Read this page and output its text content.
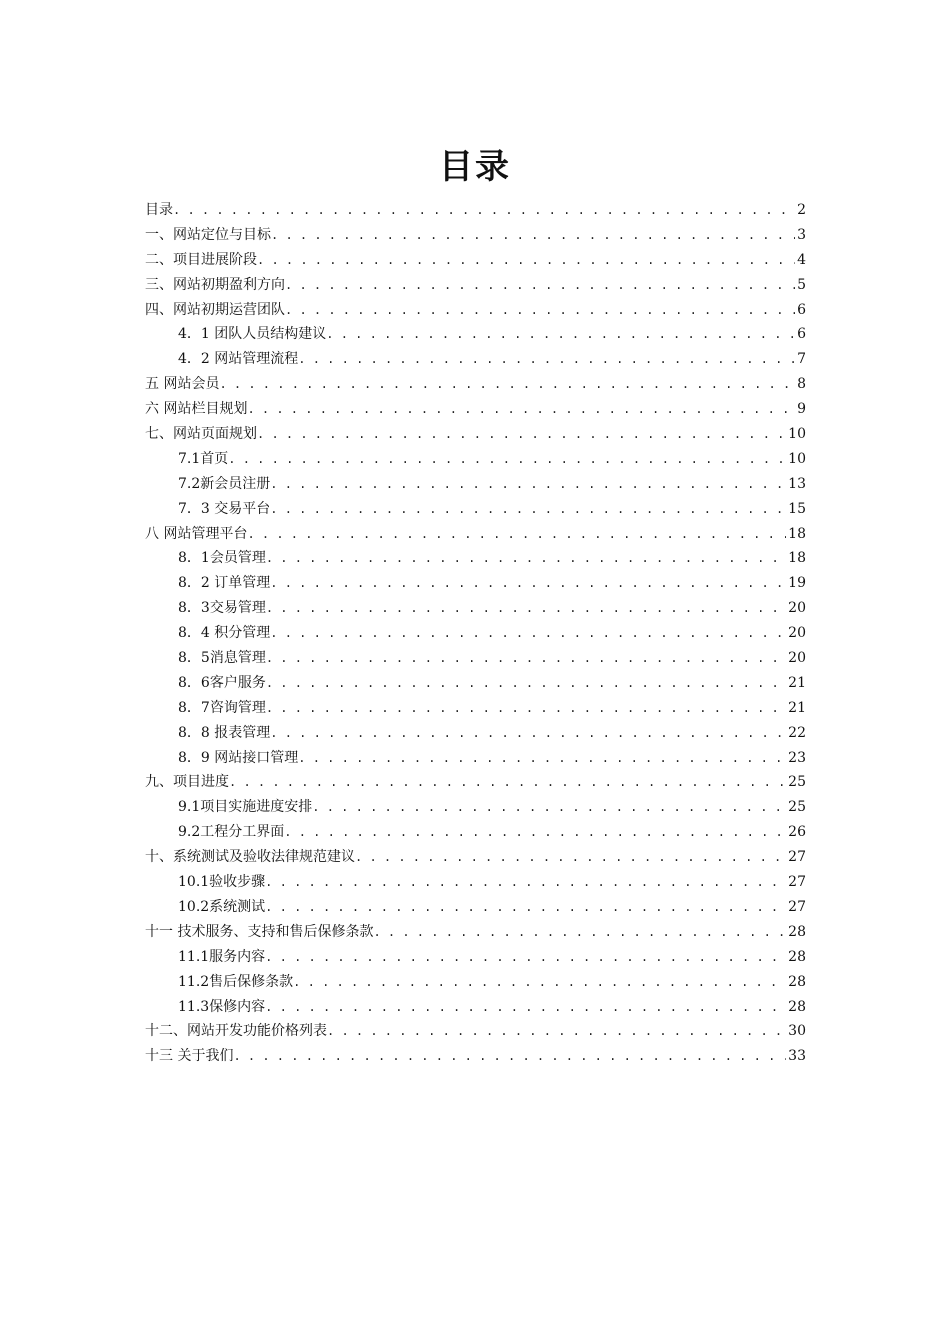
目录
目录 . . .	2
一、网站定位与目标 . . .	3
二、项目进展阶段 . . .	4
三、网站初期盈利方向 . . .	5
四、网站初期运营团队 . . .	6
4．1 团队人员结构建议 . . .	6
4．2 网站管理流程 . . .	7
五 网站会员 . . .	8
六 网站栏目规划 . . .	9
七、网站页面规划 . . .	10
7.1首页 . . .	10
7.2新会员注册 . . .	13
7．3 交易平台 . . .	15
八 网站管理平台 . . .	18
8．1会员管理 . . .	18
8．2 订单管理 . . .	19
8．3交易管理 . . .	20
8．4 积分管理 . . .	20
8．5消息管理 . . .	20
8．6客户服务 . . .	21
8．7咨询管理 . . .	21
8．8 报表管理 . . .	22
8．9 网站接口管理 . . .	23
九、项目进度 . . .	25
9.1项目实施进度安排 . . .	25
9.2工程分工界面 . . .	26
十、系统测试及验收法律规范建议 . . .	27
10.1验收步骤 . . .	27
10.2系统测试 . . .	27
十一 技术服务、支持和售后保修条款 . . .	28
11.1服务内容 . . .	28
11.2售后保修条款 . . .	28
11.3保修内容 . . .	28
十二、网站开发功能价格列表 . . .	30
十三 关于我们 . . .	33
